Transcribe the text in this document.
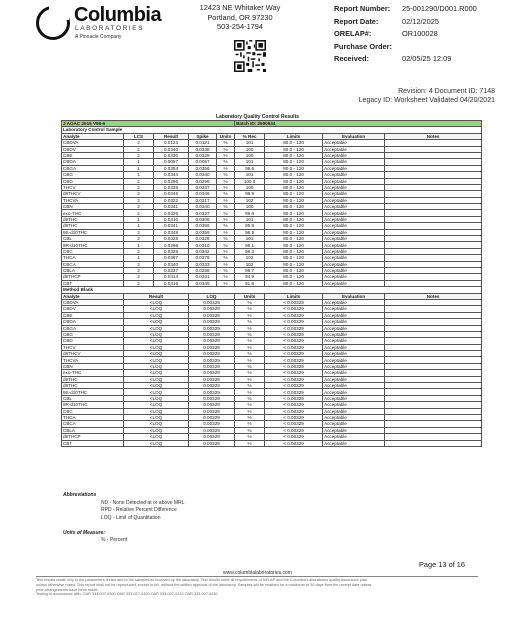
Columbia
LABORATORIES
A Pinnacle Company
12423 NE Whitaker Way
Portland, OR 97230
503-254-1794
Report Number:	25-001290/D001.R000
Report Date:	02/12/2025
ORELAP#:	OR100028
Purchase Order:
Received:	02/05/25 12:09
Revision: 4 Document ID: 7148
Legacy ID: Worksheet Validated 04/20/2021
Laboratory Quality Control Results
J AOAC 2015 V98-6					Batch ID: 2500934			
Laboratory Control Sample								
Analyte	LCS	Result	Spike	Units	% Rec	Limits	Evaluation	Notes
CBDVA	2	0.0123	0.0121	%	101	80.0 - 120	Acceptable	
CBDV	2	0.0340	0.0338	%	100	80.0 - 120	Acceptable	
CBE	2	0.0330	0.0329	%	100	80.0 - 120	Acceptable	
CBDA	1	0.0057	0.0057	%	101	80.0 - 120	Acceptable	
CBGA	1	0.0354	0.0356	%	99.6	80.0 - 120	Acceptable	
CBG	1	0.0344	0.0340	%	101	80.0 - 120	Acceptable	
CBD	2	0.0296	0.0296	%	100.0	80.0 - 120	Acceptable	
THCV	2	0.0338	0.0337	%	100	80.0 - 120	Acceptable	
d8THCV	2	0.0346	0.0346	%	99.9	80.0 - 120	Acceptable	
THCVA	2	0.0322	0.0317	%	102	80.0 - 120	Acceptable	
CBN	2	0.0341	0.0340	%	100	80.0 - 120	Acceptable	
exo-THC	2	0.0326	0.0327	%	99.6	80.0 - 120	Acceptable	
d9THC	1	0.0310	0.0306	%	101	80.0 - 120	Acceptable	
d8THC	1	0.0341	0.0356	%	95.8	80.0 - 120	Acceptable	
9S-d10THC	2	0.0348	0.0359	%	96.9	80.0 - 120	Acceptable	
CBL	2	0.0328	0.0326	%	101	80.0 - 120	Acceptable	
9R-d10THC	1	0.0298	0.0310	%	96.1	80.0 - 120	Acceptable	
CBC	2	0.0329	0.0342	%	96.3	80.0 - 120	Acceptable	
THCA	1	0.0387	0.0379	%	102	80.0 - 120	Acceptable	
CBCA	2	0.0340	0.0333	%	102	80.0 - 120	Acceptable	
CBLA	2	0.0337	0.0338	%	99.7	80.0 - 120	Acceptable	
d8THCP	2	0.0314	0.0331	%	94.9	80.0 - 120	Acceptable	
CBT	2	0.0316	0.0345	%	91.8	80.0 - 120	Acceptable	
Method Blank								
Analyte	Result		LOQ		Units	Limits	Evaluation	Notes
CBDVA	<LOQ		0.00329		%	< 0.00329	Acceptable	
CBDV	<LOQ		0.00329		%	< 0.00329	Acceptable	
CBE	<LOQ		0.00329		%	< 0.00329	Acceptable	
CBDA	<LOQ		0.00329		%	< 0.00329	Acceptable	
CBGA	<LOQ		0.00329		%	< 0.00329	Acceptable	
CBG	<LOQ		0.00329		%	< 0.00329	Acceptable	
CBD	<LOQ		0.00329		%	< 0.00329	Acceptable	
THCV	<LOQ		0.00329		%	< 0.00329	Acceptable	
d8THCV	<LOQ		0.00329		%	< 0.00329	Acceptable	
THCVA	<LOQ		0.00329		%	< 0.00329	Acceptable	
CBN	<LOQ		0.00329		%	< 0.00329	Acceptable	
exo-THC	<LOQ		0.00329		%	< 0.00329	Acceptable	
d9THC	<LOQ		0.00329		%	< 0.00329	Acceptable	
d8THC	<LOQ		0.00329		%	< 0.00329	Acceptable	
9S-d10THC	<LOQ		0.00329		%	< 0.00329	Acceptable	
CBL	<LOQ		0.00329		%	< 0.00329	Acceptable	
9R-d10THC	<LOQ		0.00329		%	< 0.00329	Acceptable	
CBC	<LOQ		0.00329		%	< 0.00329	Acceptable	
THCA	<LOQ		0.00329		%	< 0.00329	Acceptable	
CBCA	<LOQ		0.00329		%	< 0.00329	Acceptable	
CBLA	<LOQ		0.00329		%	< 0.00329	Acceptable	
d8THCP	<LOQ		0.00329		%	< 0.00329	Acceptable	
CBT	<LOQ		0.00329		%	< 0.00329	Acceptable	
Abbreviations
ND - None Detected at or above MRL
RPD - Relative Percent Difference
LOQ - Limit of Quantitation
Units of Measure:
% - Percent
Page 13 of 16
www.columbialaboratories.com
Test results relate only to the parameters tested and to the samples as received by the laboratory. Test results meet all requirements of NELAP and the Columbia Laboratories quality assurance plan
unless otherwise noted. This report shall not be reproduced, except in full, without the written approval of the laboratory. Samples will be retained for a maximum of 30 days from the receipt date unless
prior arrangements have been made.
Testing in accordance with: OAR 333-007-0300 OAR 333-007-0400 OAR 333-007-0410 OAR 333-007-0430
